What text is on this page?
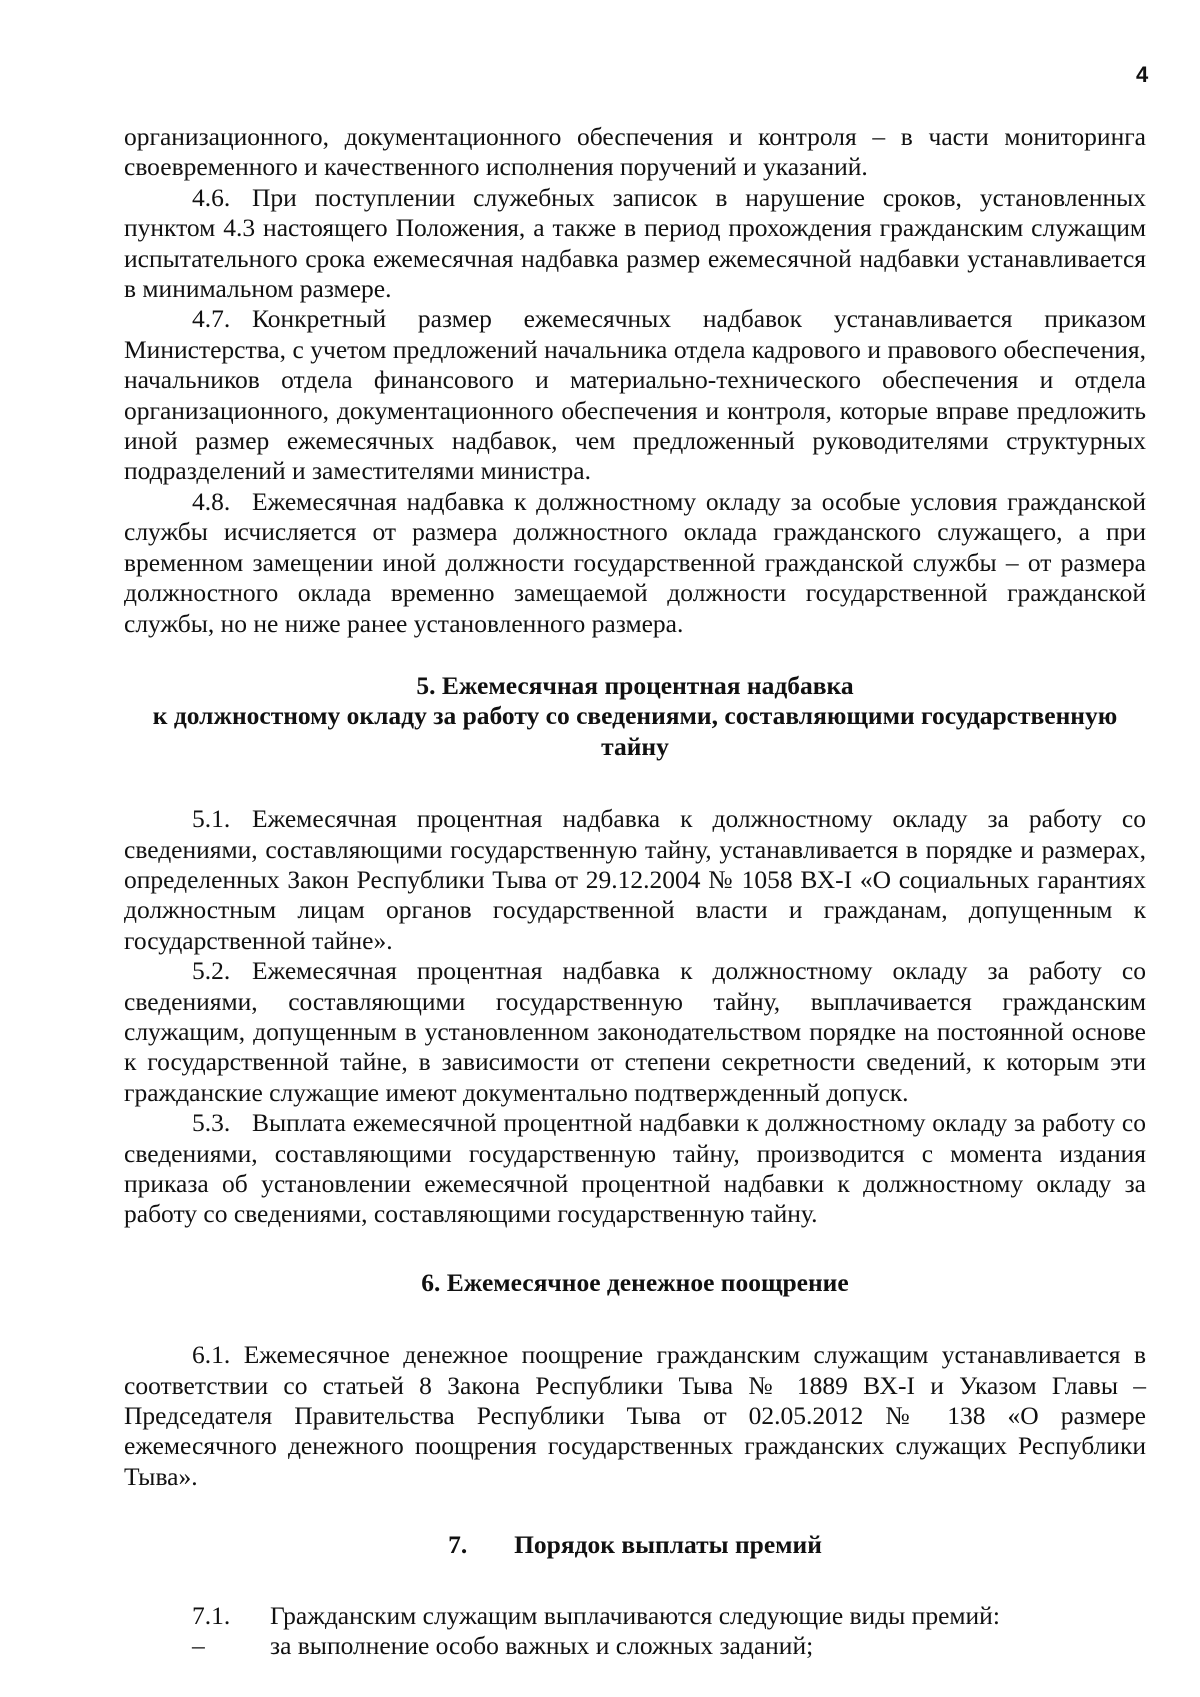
4

организационного, документационного обеспечения и контроля – в части мониторинга своевременного и качественного исполнения поручений и указаний.

4.6. При поступлении служебных записок в нарушение сроков, установленных пунктом 4.3 настоящего Положения, а также в период прохождения гражданским служащим испытательного срока ежемесячная надбавка размер ежемесячной надбавки устанавливается в минимальном размере.

4.7. Конкретный размер ежемесячных надбавок устанавливается приказом Министерства, с учетом предложений начальника отдела кадрового и правового обеспечения, начальников отдела финансового и материально-технического обеспечения и отдела организационного, документационного обеспечения и контроля, которые вправе предложить иной размер ежемесячных надбавок, чем предложенный руководителями структурных подразделений и заместителями министра.

4.8. Ежемесячная надбавка к должностному окладу за особые условия гражданской службы исчисляется от размера должностного оклада гражданского служащего, а при временном замещении иной должности государственной гражданской службы – от размера должностного оклада временно замещаемой должности государственной гражданской службы, но не ниже ранее установленного размера.

5. Ежемесячная процентная надбавка
к должностному окладу за работу со сведениями, составляющими государственную
тайну

5.1. Ежемесячная процентная надбавка к должностному окладу за работу со сведениями, составляющими государственную тайну, устанавливается в порядке и размерах, определенных Закон Республики Тыва от 29.12.2004 № 1058 ВХ-I «О социальных гарантиях должностным лицам органов государственной власти и гражданам, допущенным к государственной тайне».

5.2. Ежемесячная процентная надбавка к должностному окладу за работу со сведениями, составляющими государственную тайну, выплачивается гражданским служащим, допущенным в установленном законодательством порядке на постоянной основе к государственной тайне, в зависимости от степени секретности сведений, к которым эти гражданские служащие имеют документально подтвержденный допуск.

5.3. Выплата ежемесячной процентной надбавки к должностному окладу за работу со сведениями, составляющими государственную тайну, производится с момента издания приказа об установлении ежемесячной процентной надбавки к должностному окладу за работу со сведениями, составляющими государственную тайну.

6. Ежемесячное денежное поощрение

6.1. Ежемесячное денежное поощрение гражданским служащим устанавливается в соответствии со статьей 8 Закона Республики Тыва № 1889 ВХ-I и Указом Главы – Председателя Правительства Республики Тыва от 02.05.2012 № 138 «О размере ежемесячного денежного поощрения государственных гражданских служащих Республики Тыва».

7. Порядок выплаты премий

7.1. Гражданским служащим выплачиваются следующие виды премий:

–	за выполнение особо важных и сложных заданий;
